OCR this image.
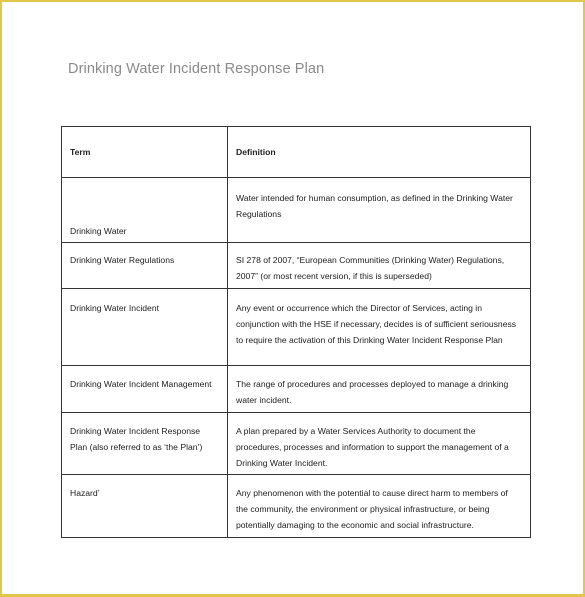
Drinking Water Incident Response Plan
Term	Definition
Drinking Water	Water intended for human consumption, as defined in the Drinking Water Regulations
Drinking Water Regulations	SI 278 of 2007, “European Communities (Drinking Water) Regulations, 2007” (or most recent version, if this is superseded)
Drinking Water Incident	Any event or occurrence which the Director of Services, acting in conjunction with the HSE if necessary, decides is of sufficient seriousness to require the activation of this Drinking Water Incident Response Plan
Drinking Water Incident Management	The range of procedures and processes deployed to manage a drinking water incident.
Drinking Water Incident Response Plan (also referred to as ‘the Plan’)	A plan prepared by a Water Services Authority to document the procedures, processes and information to support the management of a Drinking Water Incident.
Hazard’	Any phenomenon with the potential to cause direct harm to members of the community, the environment or physical infrastructure, or being potentially damaging to the economic and social infrastructure.
